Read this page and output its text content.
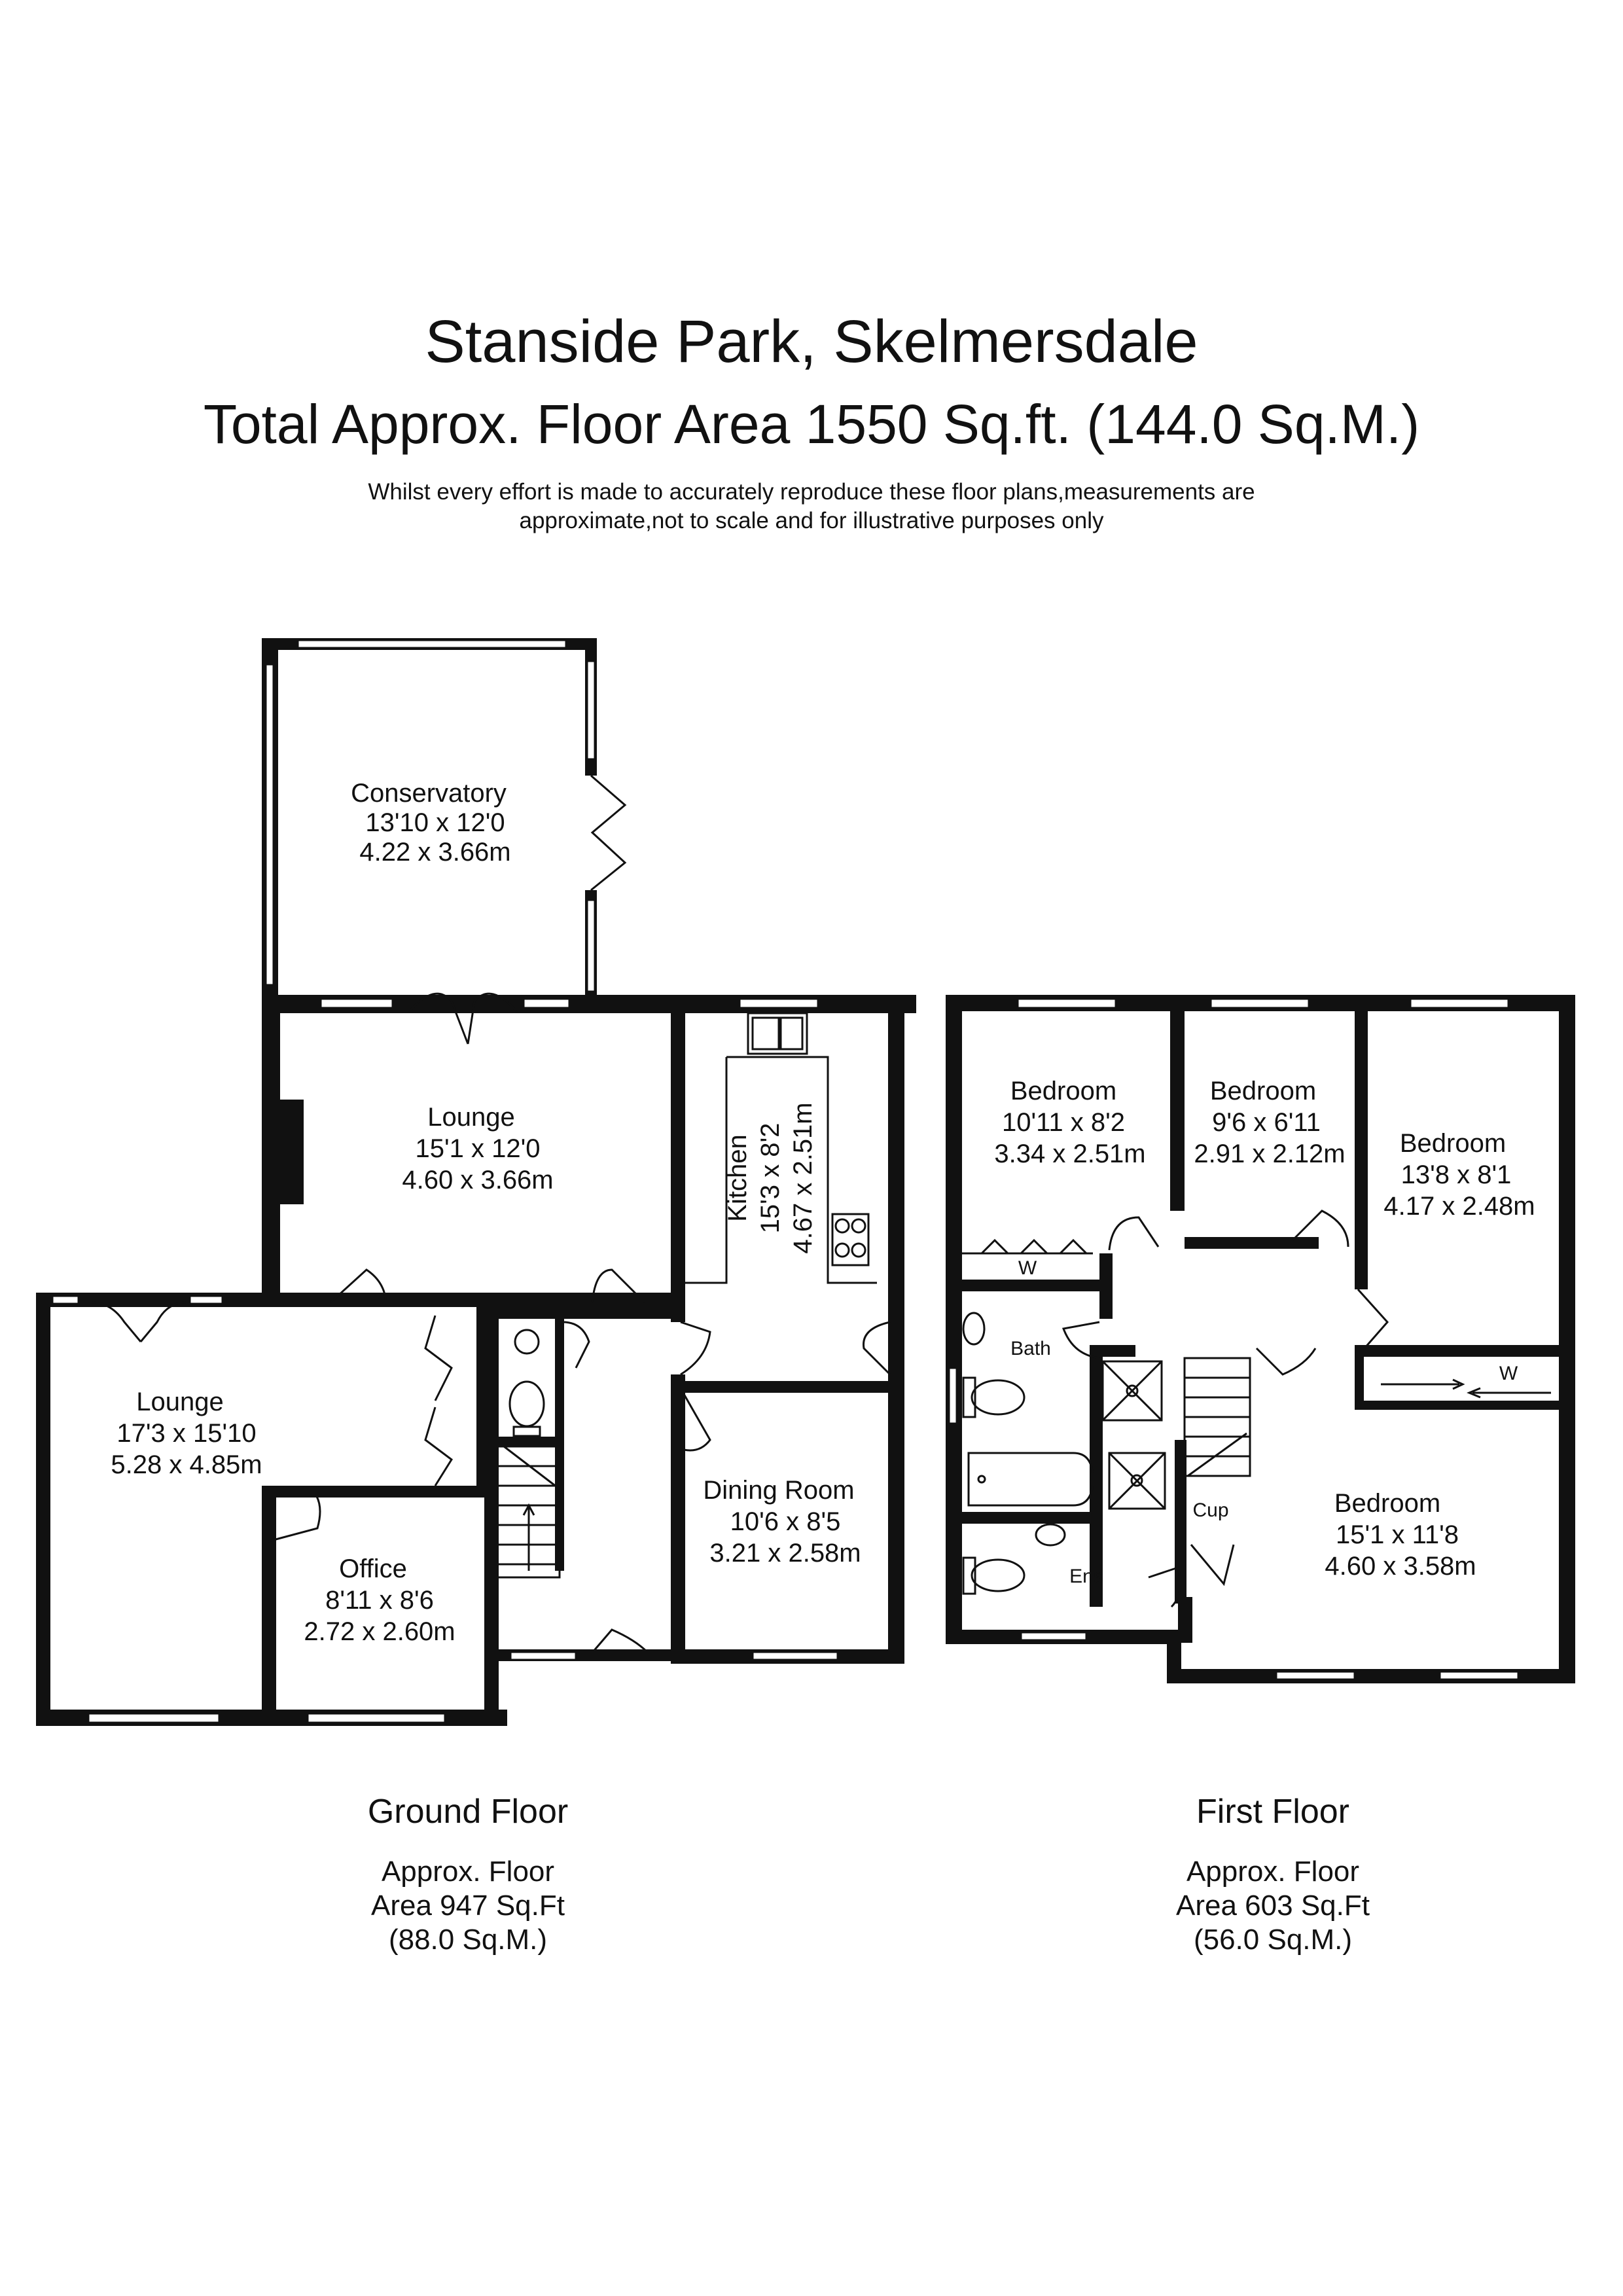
Stanside Park, Skelmersdale
Total Approx. Floor Area 1550 Sq.ft. (144.0 Sq.M.)
Whilst every effort is made to accurately reproduce these floor plans,measurements are
approximate,not to scale and for illustrative purposes only
Conservatory
13'10 x 12'0
4.22 x 3.66m
Lounge
15'1 x 12'0
4.60 x 3.66m	Kitchen 15'3 x 8'2 4.67 x 2.51m
Lounge
17'3 x 15'10
5.28 x 4.85m
Office
8'11 x 8'6
2.72 x 2.60m
Dining Room
10'6 x 8'5
3.21 x 2.58m
Bedroom
10'11 x 8'2
3.34 x 2.51m
Bedroom
9'6 x 6'11
2.91 x 2.12m Bedroom
13'8 x 8'1
4.17 x 2.48m
Bedroom
15'1 x 11'8
4.60 x 3.58m
Bath
Ens
Cup
W
W
Ground Floor
Approx. Floor
Area 947 Sq.Ft
(88.0 Sq.M.)
First Floor
Approx. Floor
Area 603 Sq.Ft
(56.0 Sq.M.)
